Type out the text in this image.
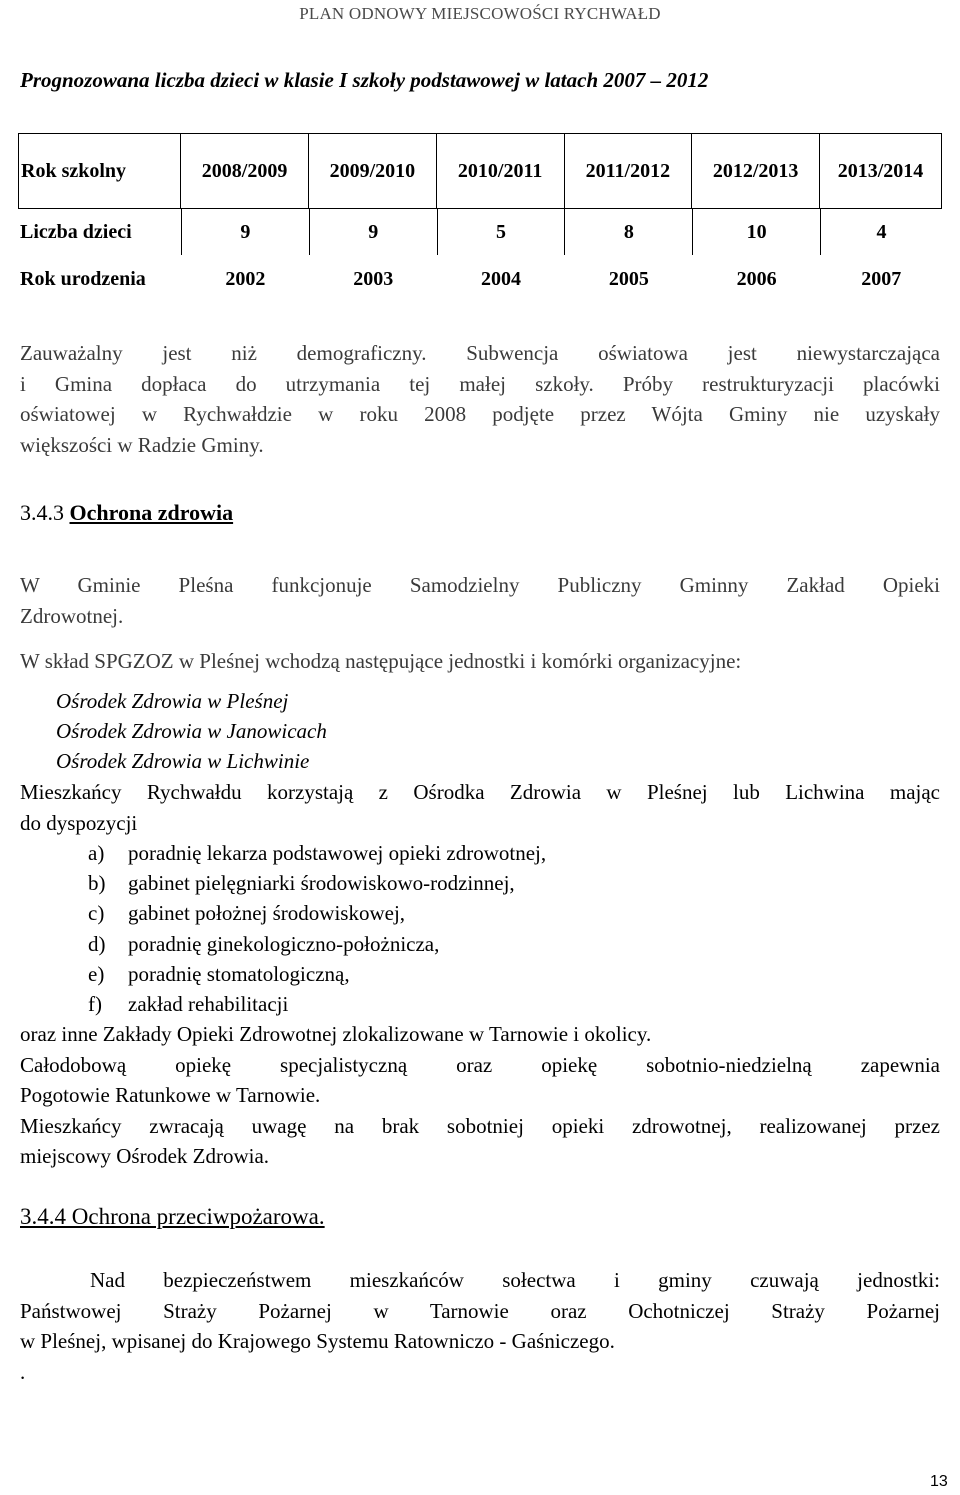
PLAN ODNOWY MIEJSCOWOŚCI RYCHWAŁD
Prognozowana liczba dzieci w klasie I szkoły podstawowej w latach 2007 – 2012
Rok szkolny	2008/2009	2009/2010	2010/2011	2011/2012	2012/2013	2013/2014
Liczba dzieci	9	9	5	8	10	4
Rok urodzenia	2002	2003	2004	2005	2006	2007
Zauważalny jest niż demograficzny. Subwencja oświatowa jest niewystarczająca
i Gmina dopłaca do utrzymania tej małej szkoły. Próby restrukturyzacji placówki
oświatowej w Rychwałdzie w roku 2008 podjęte przez Wójta Gminy nie uzyskały
większości w Radzie Gminy.
3.4.3 Ochrona zdrowia
W Gminie Pleśna funkcjonuje Samodzielny Publiczny Gminny Zakład Opieki
Zdrowotnej.
W skład SPGZOZ w Pleśnej wchodzą następujące jednostki i komórki organizacyjne:
Ośrodek Zdrowia w Pleśnej
Ośrodek Zdrowia w Janowicach
Ośrodek Zdrowia w Lichwinie
Mieszkańcy Rychwałdu korzystają z Ośrodka Zdrowia w Pleśnej lub Lichwina mając
do dyspozycji
a) poradnię lekarza podstawowej opieki zdrowotnej,
b) gabinet pielęgniarki środowiskowo-rodzinnej,
c) gabinet położnej środowiskowej,
d) poradnię ginekologiczno-położnicza,
e) poradnię stomatologiczną,
f) zakład rehabilitacji
oraz inne Zakłady Opieki Zdrowotnej zlokalizowane w Tarnowie i okolicy.
Całodobową opiekę specjalistyczną oraz opiekę sobotnio-niedzielną zapewnia
Pogotowie Ratunkowe w Tarnowie.
Mieszkańcy zwracają uwagę na brak sobotniej opieki zdrowotnej, realizowanej przez
miejscowy Ośrodek Zdrowia.
3.4.4 Ochrona przeciwpożarowa.
Nad bezpieczeństwem mieszkańców sołectwa i gminy czuwają jednostki:
Państwowej Straży Pożarnej w Tarnowie oraz Ochotniczej Straży Pożarnej
w Pleśnej, wpisanej do Krajowego Systemu Ratowniczo - Gaśniczego.
.
13
